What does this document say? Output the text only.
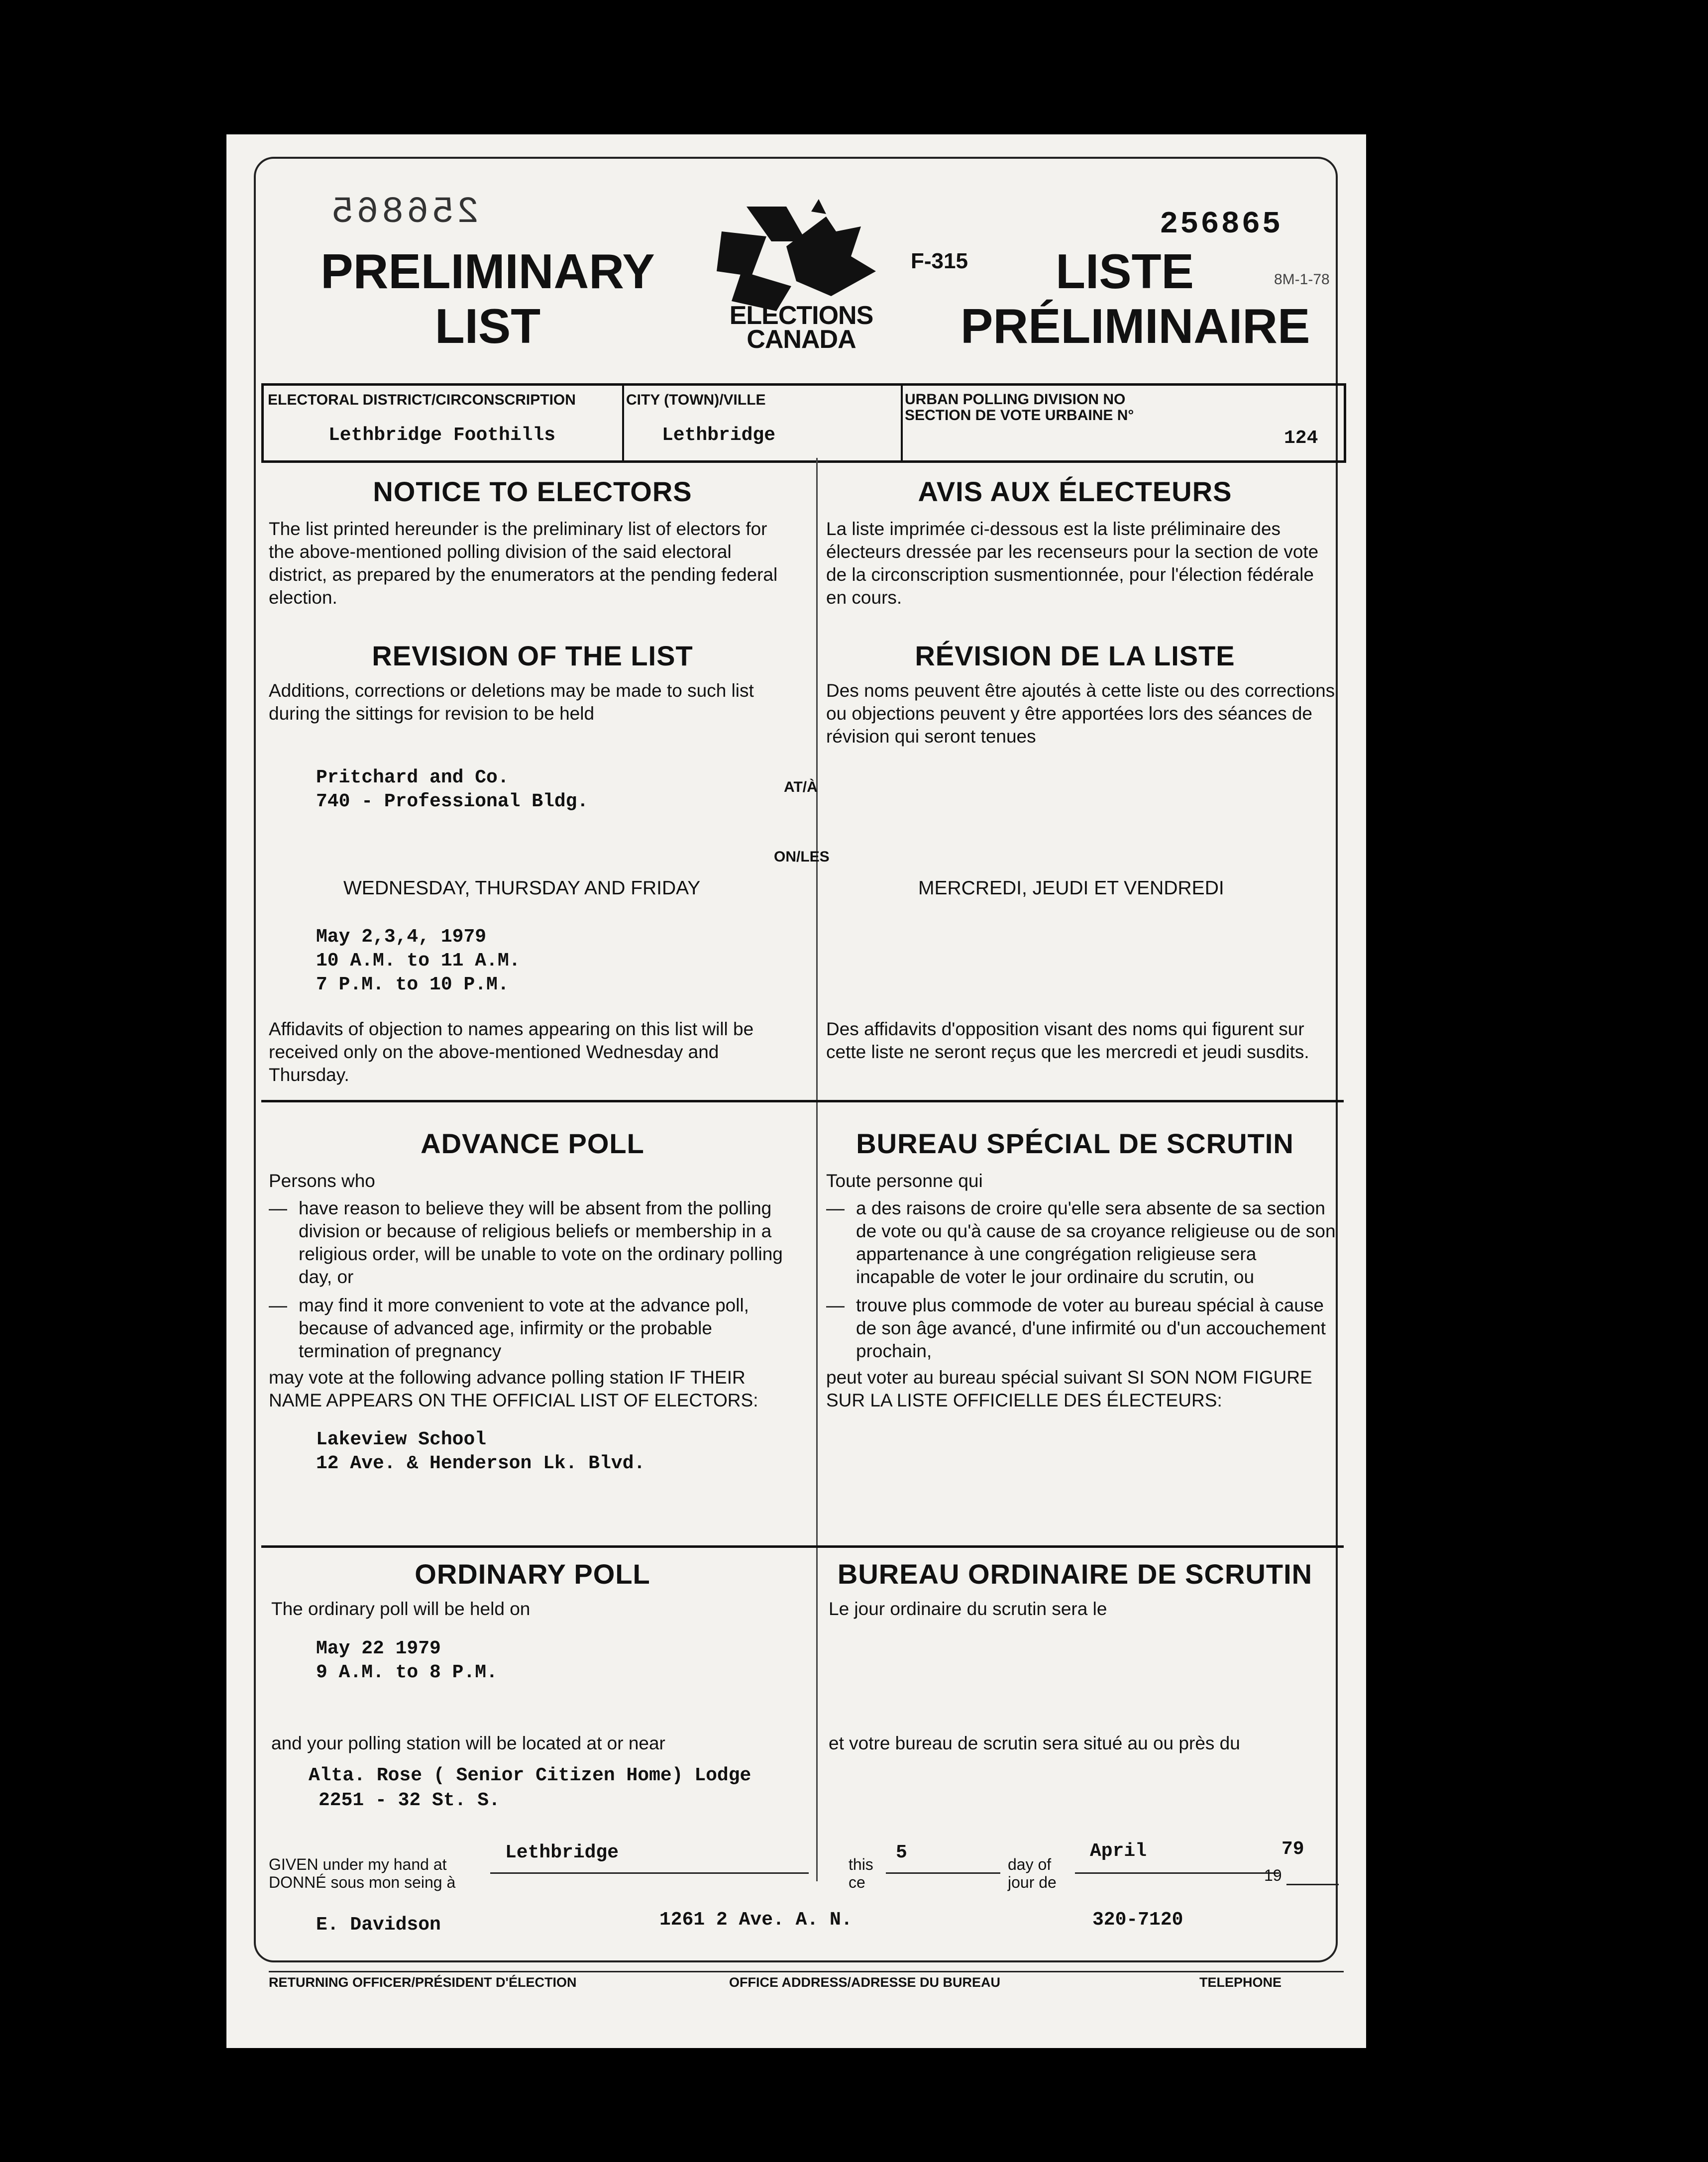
256865	256865
F-315
8M-1-78
PRELIMINARY
LIST
LISTE
PRÉLIMINAIRE
ELECTIONS
CANADA
ELECTORAL DISTRICT/CIRCONSCRIPTION
Lethbridge Foothills
CITY (TOWN)/VILLE
Lethbridge
URBAN POLLING DIVISION NO
SECTION DE VOTE URBAINE N°
124
NOTICE TO ELECTORS	AVIS AUX ÉLECTEURS
The list printed hereunder is the preliminary list of electors for the above-mentioned polling division of the said electoral district, as prepared by the enumerators at the pending federal election.
La liste imprimée ci-dessous est la liste préliminaire des électeurs dressée par les recenseurs pour la section de vote de la circonscription susmentionnée, pour l'élection fédérale en cours.
REVISION OF THE LIST	RÉVISION DE LA LISTE
Additions, corrections or deletions may be made to such list during the sittings for revision to be held
Des noms peuvent être ajoutés à cette liste ou des corrections ou objections peuvent y être apportées lors des séances de révision qui seront tenues
Pritchard and Co.
740 - Professional Bldg.
AT/À
ON/LES
WEDNESDAY, THURSDAY AND FRIDAY	MERCREDI, JEUDI ET VENDREDI
May 2,3,4, 1979
10 A.M. to 11 A.M.
7 P.M. to 10 P.M.
Affidavits of objection to names appearing on this list will be received only on the above-mentioned Wednesday and Thursday.
Des affidavits d'opposition visant des noms qui figurent sur cette liste ne seront reçus que les mercredi et jeudi susdits.
ADVANCE POLL	BUREAU SPÉCIAL DE SCRUTIN
Persons who	Toute personne qui
— have reason to believe they will be absent from the polling division or because of religious beliefs or membership in a religious order, will be unable to vote on the ordinary polling day, or
— may find it more convenient to vote at the advance poll, because of advanced age, infirmity or the probable termination of pregnancy
— a des raisons de croire qu'elle sera absente de sa section de vote ou qu'à cause de sa croyance religieuse ou de son appartenance à une congrégation religieuse sera incapable de voter le jour ordinaire du scrutin, ou
— trouve plus commode de voter au bureau spécial à cause de son âge avancé, d'une infirmité ou d'un accouchement prochain,
may vote at the following advance polling station IF THEIR NAME APPEARS ON THE OFFICIAL LIST OF ELECTORS:
peut voter au bureau spécial suivant SI SON NOM FIGURE SUR LA LISTE OFFICIELLE DES ÉLECTEURS:
Lakeview School
12 Ave. & Henderson Lk. Blvd.
ORDINARY POLL	BUREAU ORDINAIRE DE SCRUTIN
The ordinary poll will be held on	Le jour ordinaire du scrutin sera le
May 22 1979
9 A.M. to 8 P.M.
and your polling station will be located at or near	et votre bureau de scrutin sera situé au ou près du
Alta. Rose ( Senior Citizen Home) Lodge
2251 - 32 St. S.
GIVEN under my hand at
DONNÉ sous mon seing à
Lethbridge
this
ce
5
day of
jour de
April
19
79
E. Davidson	1261 2 Ave. A. N.	320-7120
RETURNING OFFICER/PRÉSIDENT D'ÉLECTION	OFFICE ADDRESS/ADRESSE DU BUREAU	TELEPHONE
